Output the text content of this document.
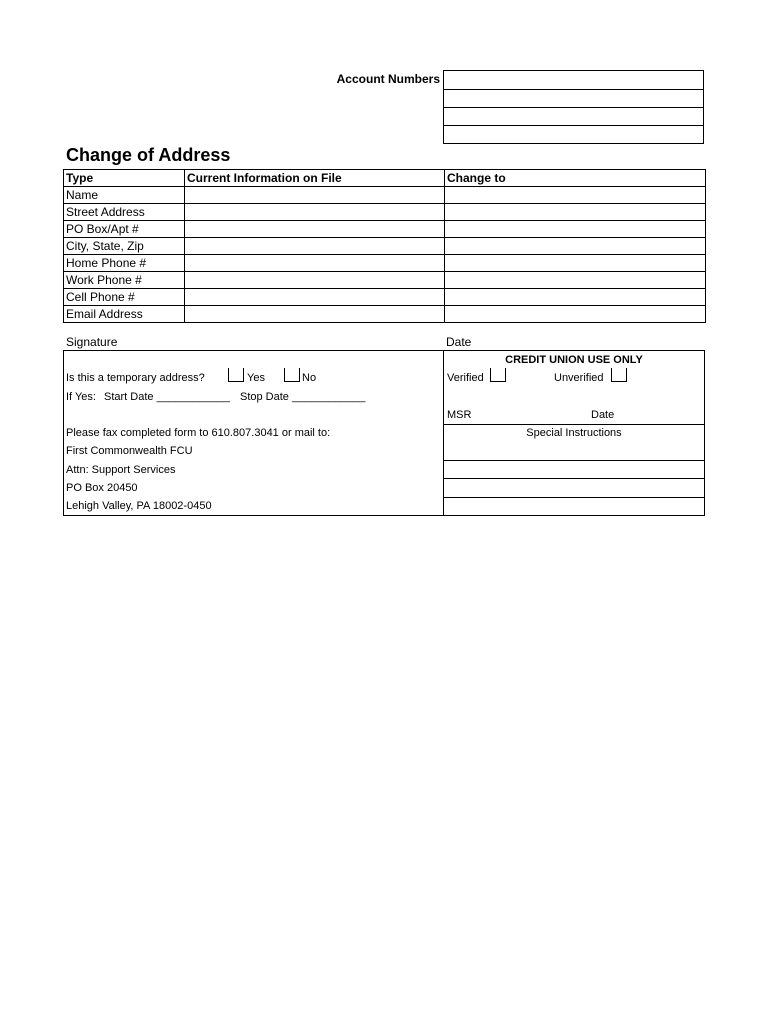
Account Numbers
Change of Address
Type	Current Information on File	Change to
Name		
Street Address		
PO Box/Apt #		
City, State, Zip		
Home Phone #		
Work Phone #		
Cell Phone #		
Email Address		
Signature	Date
Is this a temporary address?	Yes	No
If Yes: Start Date ____________ Stop Date ____________
Please fax completed form to 610.807.3041 or mail to:
First Commonwealth FCU
Attn: Support Services
PO Box 20450
Lehigh Valley, PA 18002-0450
CREDIT UNION USE ONLY
Verified	Unverified
MSR	Date
Special Instructions
